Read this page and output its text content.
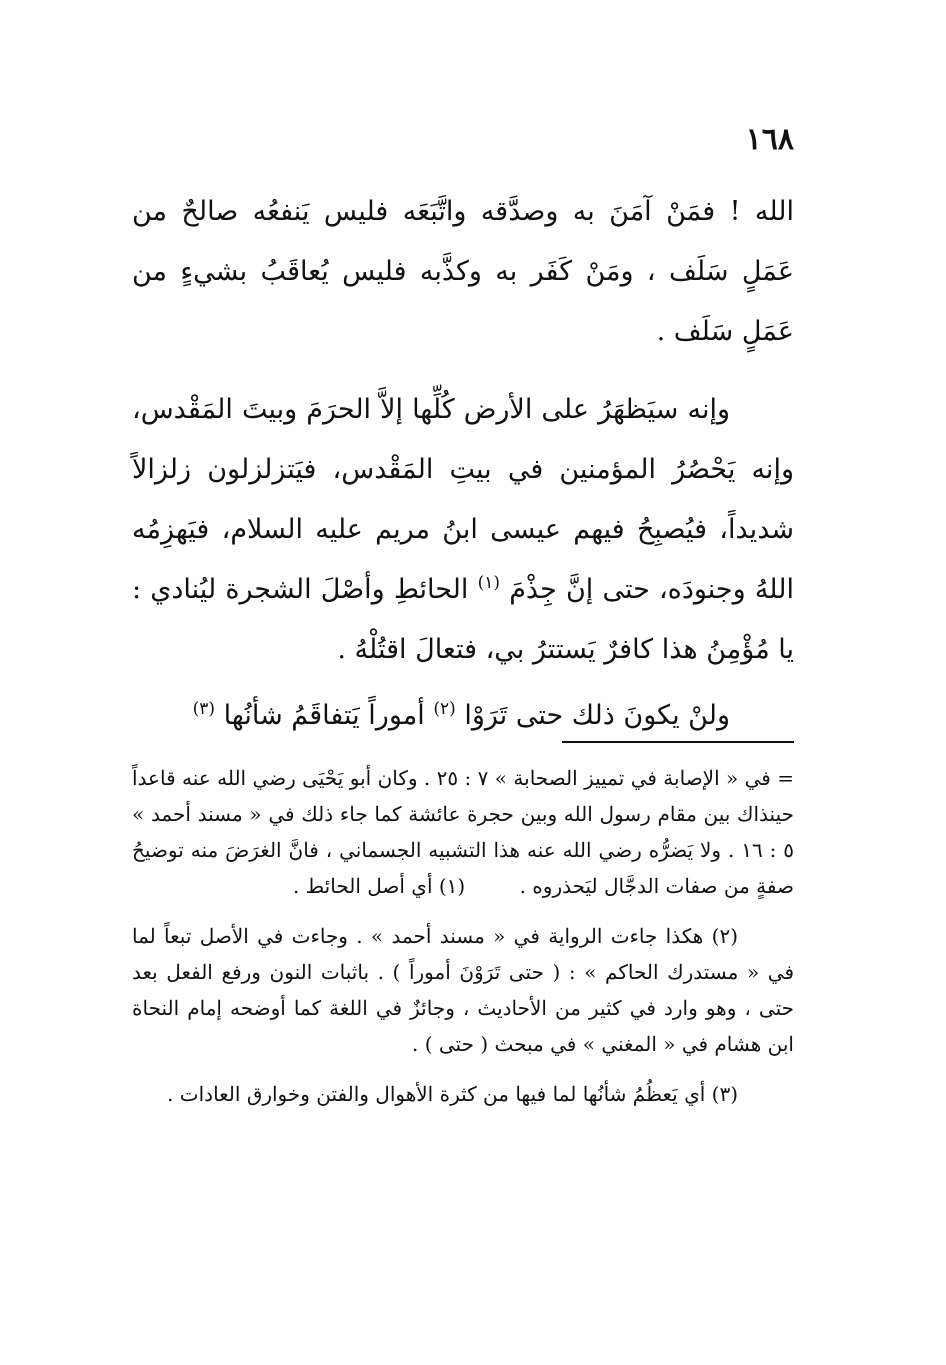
١٦٨

الله ! فمَنْ آمَنَ به وصدَّقه واتَّبَعَه فليس يَنفعُه صالحٌ من عَمَلٍ سَلَف ، ومَنْ كَفَر به وكذَّبه فليس يُعاقَبُ بشيءٍ من عَمَلٍ سَلَف .

وإنه سيَظهَرُ على الأرض كُلِّها إلاَّ الحرَمَ وبيتَ المَقْدس، وإنه يَحْصُرُ المؤمنين في بيتِ المَقْدس، فيَتزلزلون زلزالاً شديداً، فيُصبِحُ فيهم عيسى ابنُ مريم عليه السلام، فيَهزِمُه اللهُ وجنودَه، حتى إنَّ جِذْمَ $^{(١)}$ الحائطِ وأصْلَ الشجرة ليُنادي : يا مُؤْمِنُ هذا كافرٌ يَستترُ بي، فتعالَ اقتُلْهُ .

ولنْ يكونَ ذلك حتى تَرَوْا $^{(٢)}$ أموراً يَتفاقَمُ شأنُها $^{(٣)}$

= في « الإصابة في تمييز الصحابة » ٧ : ٢٥ . وكان أبو يَحْيَى رضي الله عنه قاعداً حينذاك بين مقام رسول الله وبين حجرة عائشة كما جاء ذلك في « مسند أحمد » ٥ : ١٦ . ولا يَضرُّه رضي الله عنه هذا التشبيه الجسماني ، فانَّ الغرَضَ منه توضيحُ صفةٍ من صفات الدجَّال ليَحذروه . (١) أي أصل الحائط .

(٢) هكذا جاءت الرواية في « مسند أحمد » . وجاءت في الأصل تبعاً لما في « مستدرك الحاكم » : ( حتى تَرَوْنَ أموراً ) . باثبات النون ورفع الفعل بعد حتى ، وهو وارد في كثير من الأحاديث ، وجائزٌ في اللغة كما أوضحه إمام النحاة ابن هشام في « المغني » في مبحث ( حتى ) .

(٣) أي يَعظُمُ شأنُها لما فيها من كثرة الأهوال والفتن وخوارق العادات .
